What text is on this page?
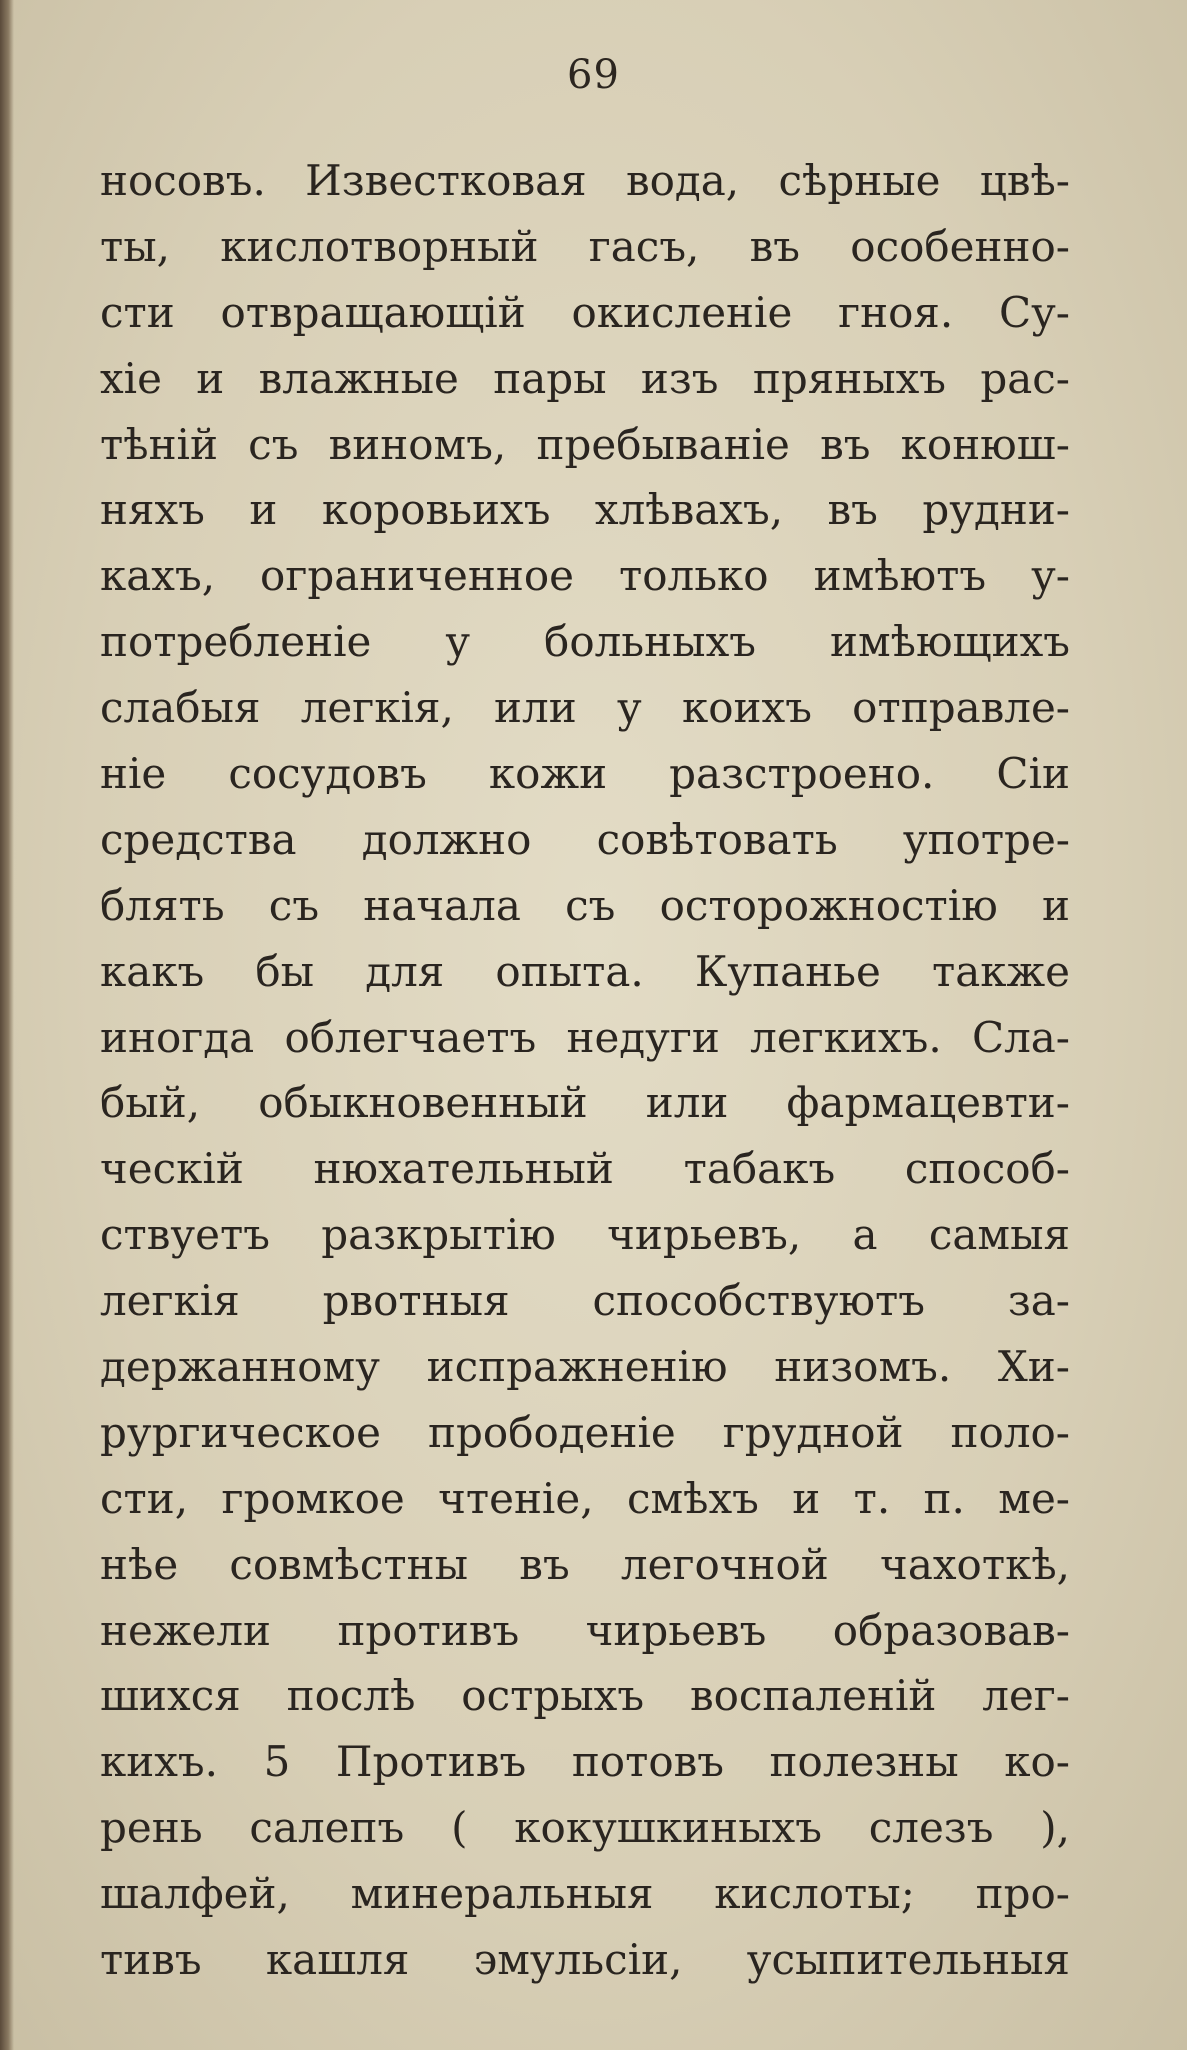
69
носовъ. Известковая вода, сѣрные цвѣ-
ты, кислотворный гасъ, въ особенно-
сти отвращающій окисленіе гноя. Су-
хіе и влажные пары изъ пряныхъ рас-
тѣній съ виномъ, пребываніе въ конюш-
няхъ и коровьихъ хлѣвахъ, въ рудни-
кахъ, ограниченное только имѣютъ у-
потребленіе у больныхъ имѣющихъ
слабыя легкія, или у коихъ отправле-
ніе сосудовъ кожи разстроено. Сіи
средства должно совѣтовать употре-
блять съ начала съ осторожностію и
какъ бы для опыта. Купанье также
иногда облегчаетъ недуги легкихъ. Сла-
бый, обыкновенный или фармацевти-
ческій нюхательный табакъ способ-
ствуетъ разкрытію чирьевъ, а самыя
легкія рвотныя способствуютъ за-
держанному испражненію низомъ. Хи-
рургическое прободеніе грудной поло-
сти, громкое чтеніе, смѣхъ и т. п. ме-
нѣе совмѣстны въ легочной чахоткѣ,
нежели противъ чирьевъ образовав-
шихся послѣ острыхъ воспаленій лег-
кихъ. 5 Противъ потовъ полезны ко-
рень салепъ ( кокушкиныхъ слезъ ),
шалфей, минеральныя кислоты; про-
тивъ кашля эмульсіи, усыпительныя
